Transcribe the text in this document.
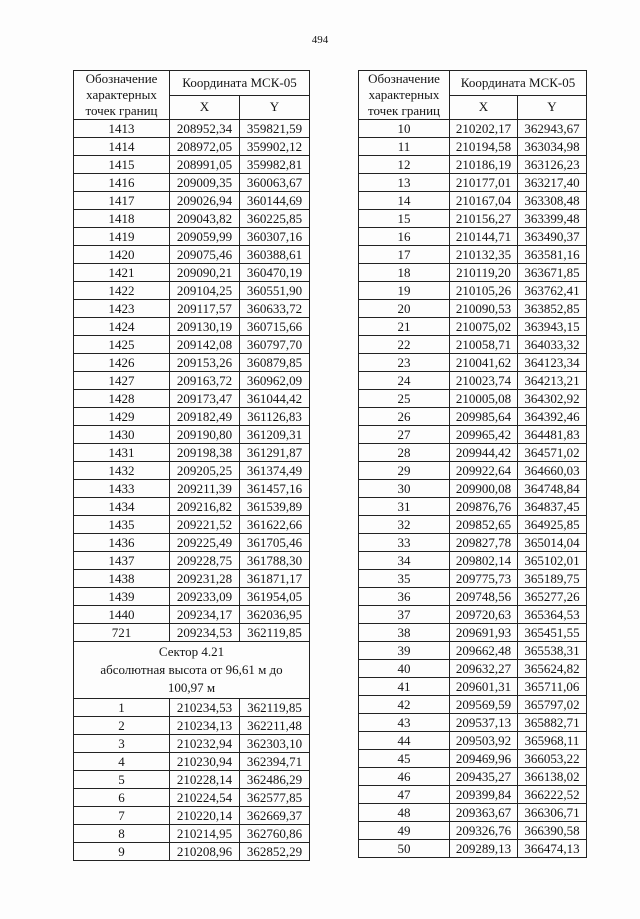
494
Обозначение характерных точек границ	Координата МСК-05	
	X	Y
1413	208952,34	359821,59
1414	208972,05	359902,12
1415	208991,05	359982,81
1416	209009,35	360063,67
1417	209026,94	360144,69
1418	209043,82	360225,85
1419	209059,99	360307,16
1420	209075,46	360388,61
1421	209090,21	360470,19
1422	209104,25	360551,90
1423	209117,57	360633,72
1424	209130,19	360715,66
1425	209142,08	360797,70
1426	209153,26	360879,85
1427	209163,72	360962,09
1428	209173,47	361044,42
1429	209182,49	361126,83
1430	209190,80	361209,31
1431	209198,38	361291,87
1432	209205,25	361374,49
1433	209211,39	361457,16
1434	209216,82	361539,89
1435	209221,52	361622,66
1436	209225,49	361705,46
1437	209228,75	361788,30
1438	209231,28	361871,17
1439	209233,09	361954,05
1440	209234,17	362036,95
721	209234,53	362119,85

Сектор 4.21
абсолютная высота от 96,61 м до
100,97 м		

1	210234,53	362119,85
2	210234,13	362211,48
3	210232,94	362303,10
4	210230,94	362394,71
5	210228,14	362486,29
6	210224,54	362577,85
7	210220,14	362669,37
8	210214,95	362760,86
9	210208,96	362852,29
Обозначение характерных точек границ	Координата МСК-05	
	X	Y
10	210202,17	362943,67
11	210194,58	363034,98
12	210186,19	363126,23
13	210177,01	363217,40
14	210167,04	363308,48
15	210156,27	363399,48
16	210144,71	363490,37
17	210132,35	363581,16
18	210119,20	363671,85
19	210105,26	363762,41
20	210090,53	363852,85
21	210075,02	363943,15
22	210058,71	364033,32
23	210041,62	364123,34
24	210023,74	364213,21
25	210005,08	364302,92
26	209985,64	364392,46
27	209965,42	364481,83
28	209944,42	364571,02
29	209922,64	364660,03
30	209900,08	364748,84
31	209876,76	364837,45
32	209852,65	364925,85
33	209827,78	365014,04
34	209802,14	365102,01
35	209775,73	365189,75
36	209748,56	365277,26
37	209720,63	365364,53
38	209691,93	365451,55
39	209662,48	365538,31
40	209632,27	365624,82
41	209601,31	365711,06
42	209569,59	365797,02
43	209537,13	365882,71
44	209503,92	365968,11
45	209469,96	366053,22
46	209435,27	366138,02
47	209399,84	366222,52
48	209363,67	366306,71
49	209326,76	366390,58
50	209289,13	366474,13
